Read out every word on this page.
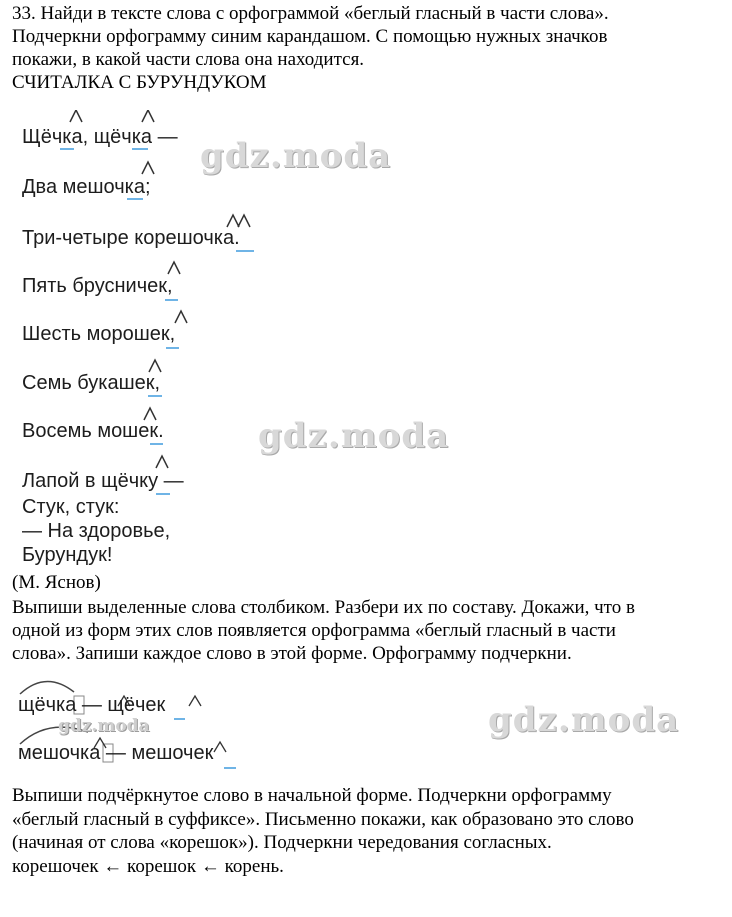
33. Найди в тексте слова с орфограммой «беглый гласный в части слова».

Подчеркни орфограмму синим карандашом. С помощью нужных значков

покажи, в какой части слова она находится.

СЧИТАЛКА С БУРУНДУКОМ

Щёчка, щёчка —
Два мешочка;
Три-четыре корешочка.
Пять брусничек,
Шесть морошек,
Семь букашек,
Восемь мошек.
Лапой в щёчку —
Стук, стук:
— На здоровье,
Бурундук!
gdz.moda
gdz.moda
(М. Яснов)

Выпиши выделенные слова столбиком. Разбери их по составу. Докажи, что в

одной из форм этих слов появляется орфограмма «беглый гласный в части

слова». Запиши каждое слово в этой форме. Орфограмму подчеркни.

щёчка — щёчек
мешочка — мешочек
gdz.moda	gdz.moda

Выпиши подчёркнутое слово в начальной форме. Подчеркни орфограмму

«беглый гласный в суффиксе». Письменно покажи, как образовано это слово

(начиная от слова «корешок»). Подчеркни чередования согласных.

корешочек ← корешок ← корень.
